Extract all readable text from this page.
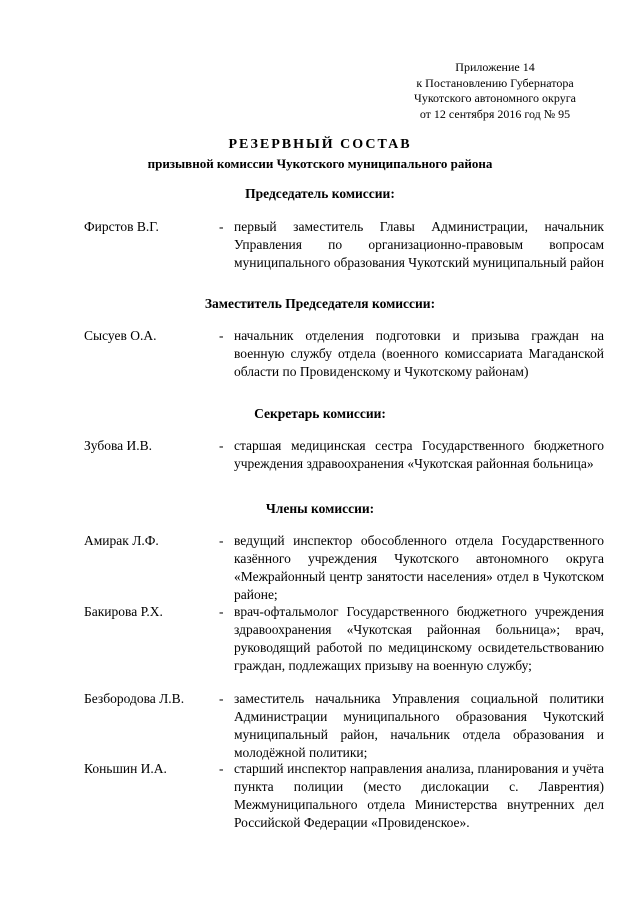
Приложение 14
к Постановлению Губернатора
Чукотского автономного округа
от 12 сентября 2016 год № 95
РЕЗЕРВНЫЙ СОСТАВ
призывной комиссии Чукотского муниципального района
Председатель комиссии:
Фирстов В.Г.	- первый заместитель Главы Администрации, начальник Управления по организационно-правовым вопросам муниципального образования Чукотский муниципальный район
Заместитель Председателя комиссии:
Сысуев О.А.	- начальник отделения подготовки и призыва граждан на военную службу отдела (военного комиссариата Магаданской области по Провиденскому и Чукотскому районам)
Секретарь комиссии:
Зубова И.В.	- старшая медицинская сестра Государственного бюджетного учреждения здравоохранения «Чукотская районная больница»
Члены комиссии:
Амирак Л.Ф.	- ведущий инспектор обособленного отдела Государственного казённого учреждения Чукотского автономного округа «Межрайонный центр занятости населения» отдел в Чукотском районе;
Бакирова Р.Х.	- врач-офтальмолог Государственного бюджетного учреждения здравоохранения «Чукотская районная больница»; врач, руководящий работой по медицинскому освидетельствованию граждан, подлежащих призыву на военную службу;
Безбородова Л.В.	- заместитель начальника Управления социальной политики Администрации муниципального образования Чукотский муниципальный район, начальник отдела образования и молодёжной политики;
Коньшин И.А.	- старший инспектор направления анализа, планирования и учёта пункта полиции (место дислокации с. Лаврентия) Межмуниципального отдела Министерства внутренних дел Российской Федерации «Провиденское».
